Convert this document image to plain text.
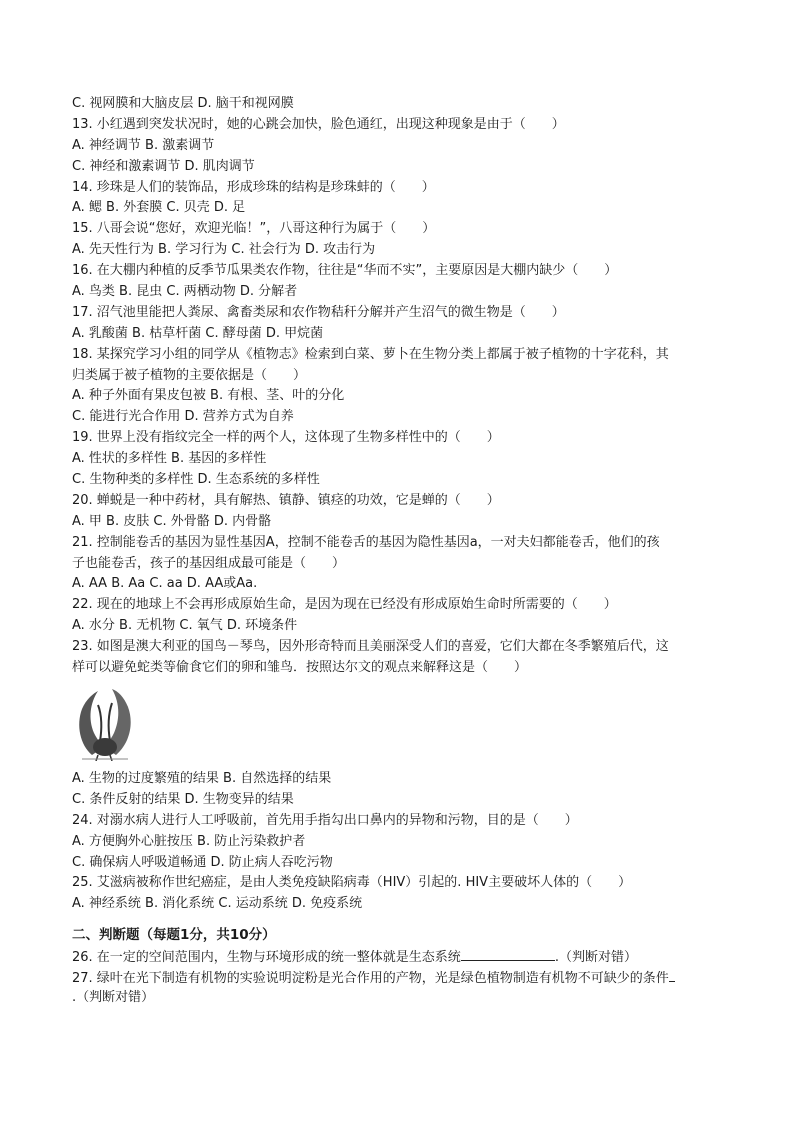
C. 视网膜和大脑皮层 D. 脑干和视网膜
13. 小红遇到突发状况时，她的心跳会加快，脸色通红，出现这种现象是由于（　　）
A. 神经调节 B. 激素调节
C. 神经和激素调节 D. 肌肉调节
14. 珍珠是人们的装饰品，形成珍珠的结构是珍珠蚌的（　　）
A. 鳃 B. 外套膜 C. 贝壳 D. 足
15. 八哥会说“您好，欢迎光临！”，八哥这种行为属于（　　）
A. 先天性行为 B. 学习行为 C. 社会行为 D. 攻击行为
16. 在大棚内种植的反季节瓜果类农作物，往往是“华而不实”，主要原因是大棚内缺少（　　）
A. 鸟类 B. 昆虫 C. 两栖动物 D. 分解者
17. 沼气池里能把人粪尿、禽畜类尿和农作物秸秆分解并产生沼气的微生物是（　　）
A. 乳酸菌 B. 枯草杆菌 C. 酵母菌 D. 甲烷菌
18. 某探究学习小组的同学从《植物志》检索到白菜、萝卜在生物分类上都属于被子植物的十字花科，其
归类属于被子植物的主要依据是（　　）
A. 种子外面有果皮包被 B. 有根、茎、叶的分化
C. 能进行光合作用 D. 营养方式为自养
19. 世界上没有指纹完全一样的两个人，这体现了生物多样性中的（　　）
A. 性状的多样性 B. 基因的多样性
C. 生物种类的多样性 D. 生态系统的多样性
20. 蝉蜕是一种中药材，具有解热、镇静、镇痉的功效，它是蝉的（　　）
A. 甲 B. 皮肤 C. 外骨骼 D. 内骨骼
21. 控制能卷舌的基因为显性基因A，控制不能卷舌的基因为隐性基因a，一对夫妇都能卷舌，他们的孩
子也能卷舌，孩子的基因组成最可能是（　　）
A. AA B. Aa C. aa D. AA或Aa.
22. 现在的地球上不会再形成原始生命，是因为现在已经没有形成原始生命时所需要的（　　）
A. 水分 B. 无机物 C. 氧气 D. 环境条件
23. 如图是澳大利亚的国鸟－琴鸟，因外形奇特而且美丽深受人们的喜爱，它们大都在冬季繁殖后代，这
样可以避免蛇类等偷食它们的卵和雏鸟．按照达尔文的观点来解释这是（　　）
A. 生物的过度繁殖的结果 B. 自然选择的结果
C. 条件反射的结果 D. 生物变异的结果
24. 对溺水病人进行人工呼吸前，首先用手指勾出口鼻内的异物和污物，目的是（　　）
A. 方便胸外心脏按压 B. 防止污染救护者
C. 确保病人呼吸道畅通 D. 防止病人吞吃污物
25. 艾滋病被称作世纪癌症，是由人类免疫缺陷病毒（HIV）引起的. HIV主要破坏人体的（　　）
A. 神经系统 B. 消化系统 C. 运动系统 D. 免疫系统
二、判断题（每题1分，共10分）
26. 在一定的空间范围内，生物与环境形成的统一整体就是生态系统	.（判断对错）
27. 绿叶在光下制造有机物的实验说明淀粉是光合作用的产物，光是绿色植物制造有机物不可缺少的条件
.（判断对错）
